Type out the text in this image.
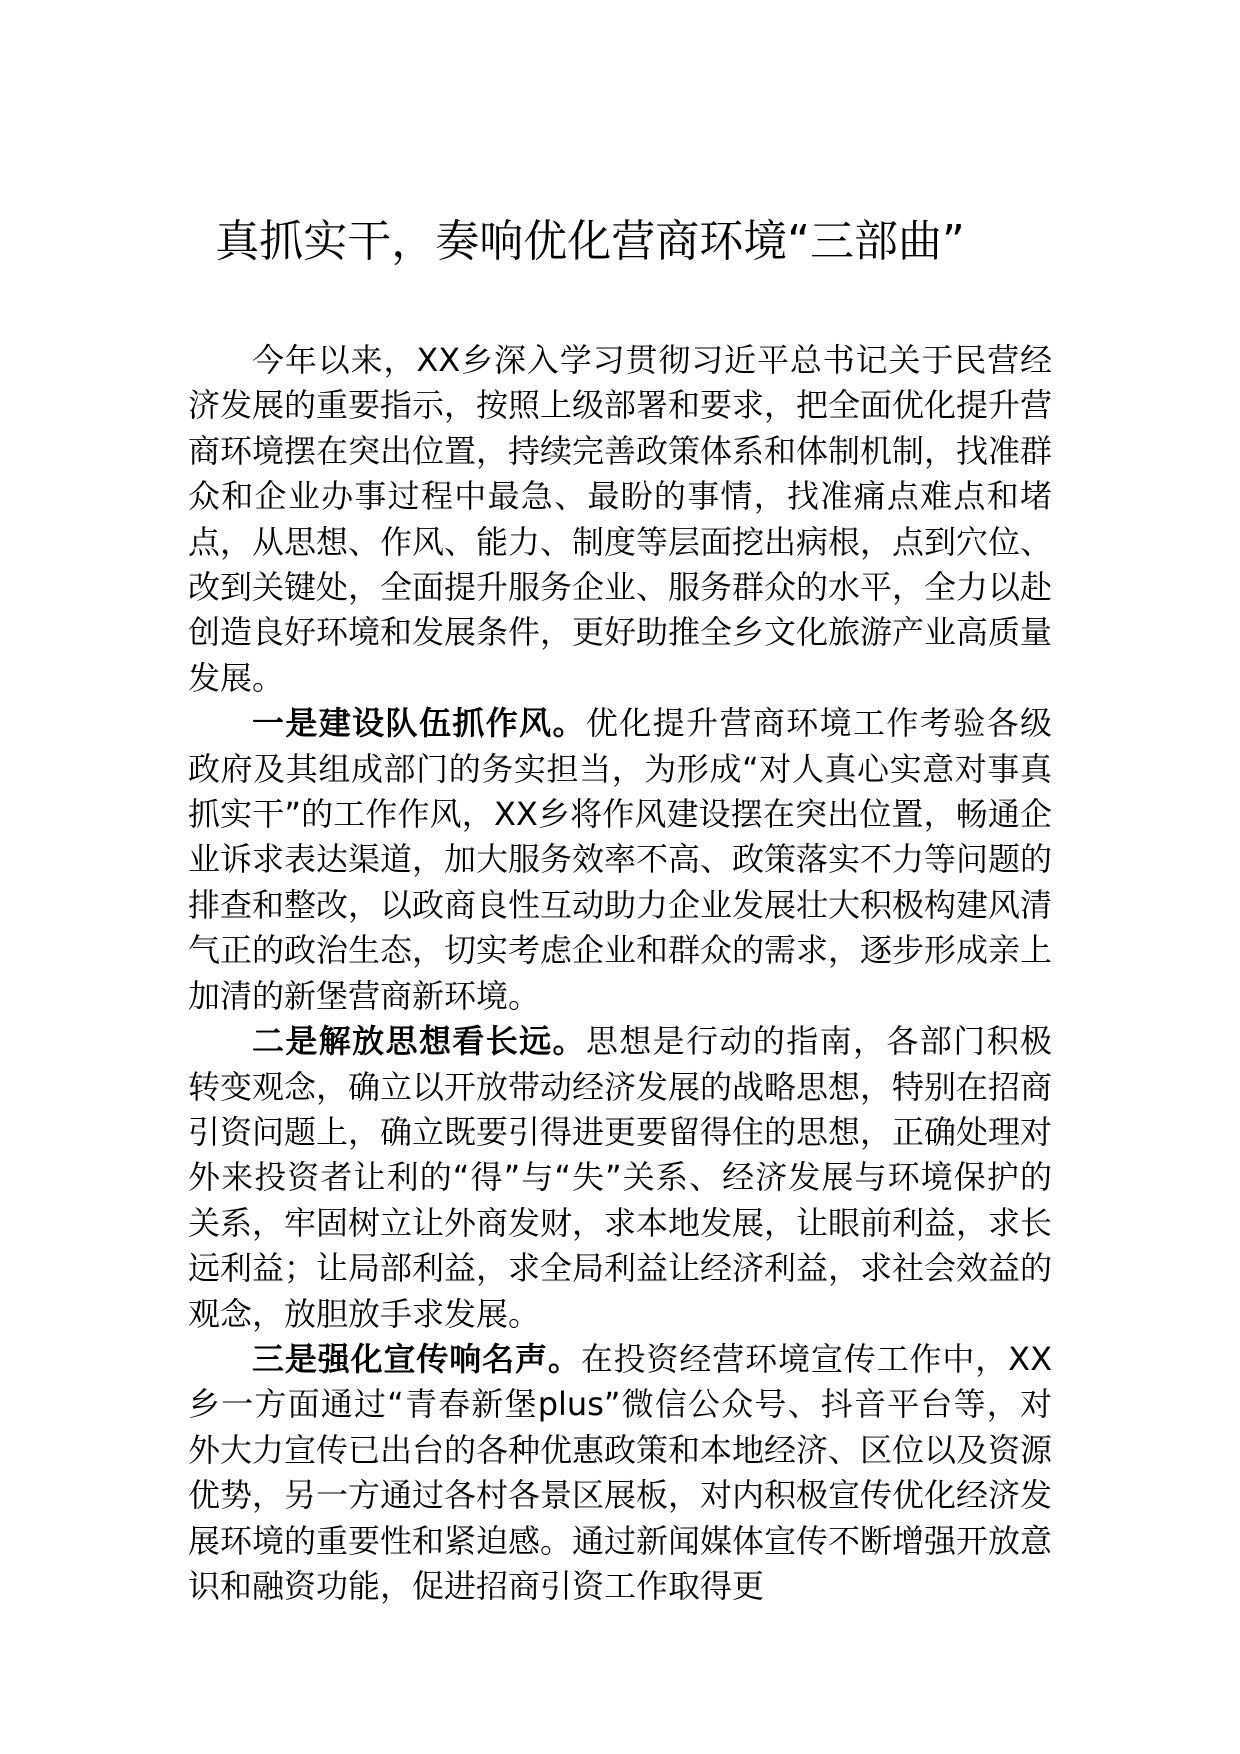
真抓实干，奏响优化营商环境“三部曲”

今年以来，XX乡深入学习贯彻习近平总书记关于民营经济发展的重要指示，按照上级部署和要求，把全面优化提升营商环境摆在突出位置，持续完善政策体系和体制机制，找准群众和企业办事过程中最急、最盼的事情，找准痛点难点和堵点，从思想、作风、能力、制度等层面挖出病根，点到穴位、改到关键处，全面提升服务企业、服务群众的水平，全力以赴创造良好环境和发展条件，更好助推全乡文化旅游产业高质量发展。

一是建设队伍抓作风。优化提升营商环境工作考验各级政府及其组成部门的务实担当，为形成“对人真心实意对事真抓实干”的工作作风，XX乡将作风建设摆在突出位置，畅通企业诉求表达渠道，加大服务效率不高、政策落实不力等问题的排查和整改，以政商良性互动助力企业发展壮大积极构建风清气正的政治生态，切实考虑企业和群众的需求，逐步形成亲上加清的新堡营商新环境。

二是解放思想看长远。思想是行动的指南，各部门积极转变观念，确立以开放带动经济发展的战略思想，特别在招商引资问题上，确立既要引得进更要留得住的思想，正确处理对外来投资者让利的“得”与“失”关系、经济发展与环境保护的关系，牢固树立让外商发财，求本地发展，让眼前利益，求长远利益；让局部利益，求全局利益让经济利益，求社会效益的观念，放胆放手求发展。

三是强化宣传响名声。在投资经营环境宣传工作中，XX乡一方面通过“青春新堡plus”微信公众号、抖音平台等，对外大力宣传已出台的各种优惠政策和本地经济、区位以及资源优势，另一方通过各村各景区展板，对内积极宣传优化经济发展环境的重要性和紧迫感。通过新闻媒体宣传不断增强开放意识和融资功能，促进招商引资工作取得更
